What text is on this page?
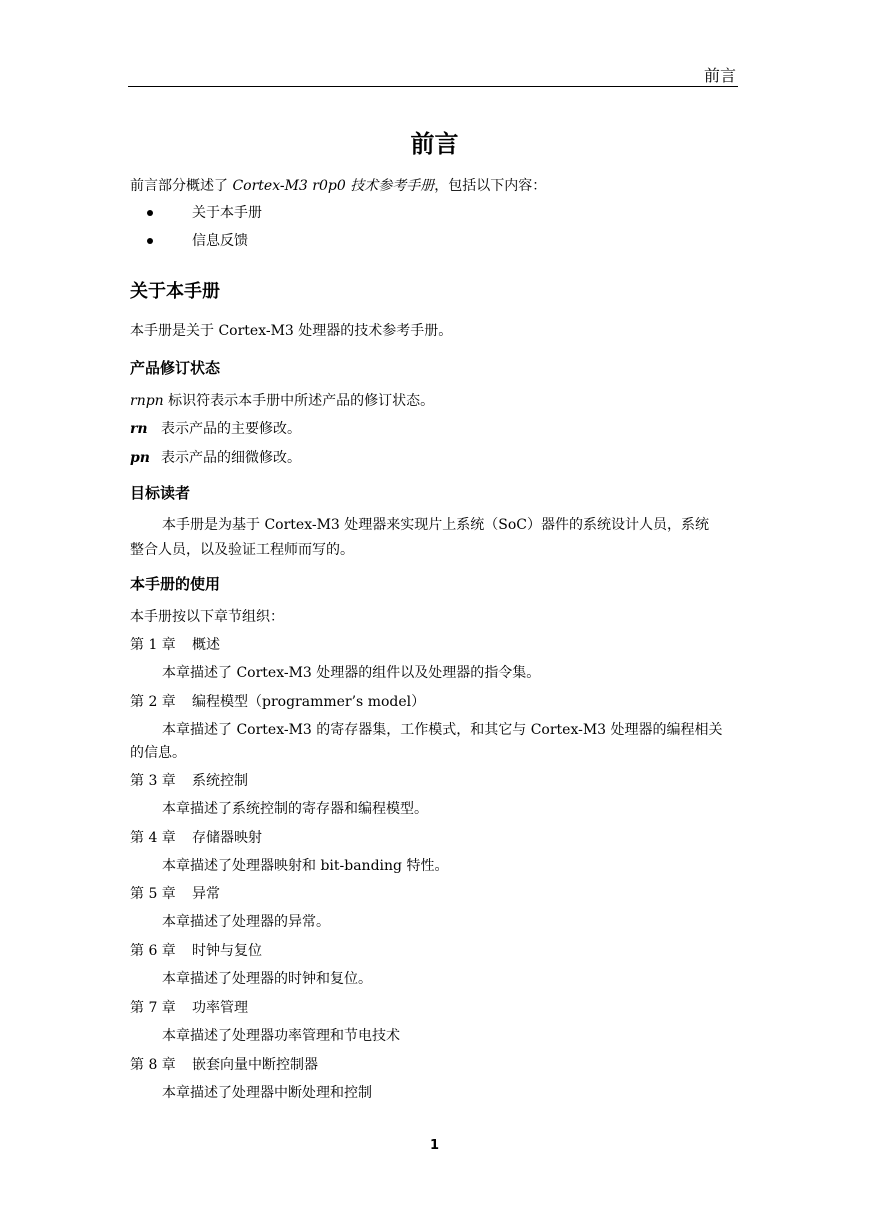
前言
前言
前言部分概述了 Cortex-M3 r0p0 技术参考手册，包括以下内容：
关于本手册
信息反馈
关于本手册
本手册是关于 Cortex-M3 处理器的技术参考手册。
产品修订状态
rnpn 标识符表示本手册中所述产品的修订状态。
rn 表示产品的主要修改。
pn 表示产品的细微修改。
目标读者
本手册是为基于 Cortex-M3 处理器来实现片上系统（SoC）器件的系统设计人员，系统
整合人员，以及验证工程师而写的。
本手册的使用
本手册按以下章节组织：
第 1 章 概述
本章描述了 Cortex-M3 处理器的组件以及处理器的指令集。
第 2 章 编程模型（programmer’s model）
本章描述了 Cortex-M3 的寄存器集，工作模式，和其它与 Cortex-M3 处理器的编程相关
的信息。
第 3 章 系统控制
本章描述了系统控制的寄存器和编程模型。
第 4 章 存储器映射
本章描述了处理器映射和 bit-banding 特性。
第 5 章 异常
本章描述了处理器的异常。
第 6 章 时钟与复位
本章描述了处理器的时钟和复位。
第 7 章 功率管理
本章描述了处理器功率管理和节电技术
第 8 章 嵌套向量中断控制器
本章描述了处理器中断处理和控制
1
